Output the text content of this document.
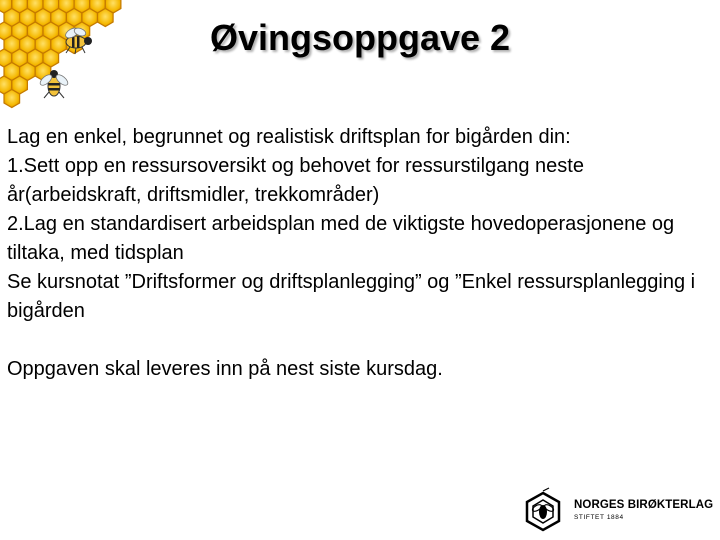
Øvingsoppgave 2

Lag en enkel, begrunnet og realistisk driftsplan for bigården din:

1.Sett opp en ressursoversikt og behovet for ressurstilgang neste år(arbeidskraft, driftsmidler, trekkområder)

2.Lag en standardisert arbeidsplan med de viktigste hovedoperasjonene og tiltaka, med tidsplan

Se kursnotat ”Driftsformer og driftsplanlegging” og ”Enkel ressursplanlegging i bigården

Oppgaven skal leveres inn på nest siste kursdag.

NORGES BIRØKTERLAG
STIFTET 1884
